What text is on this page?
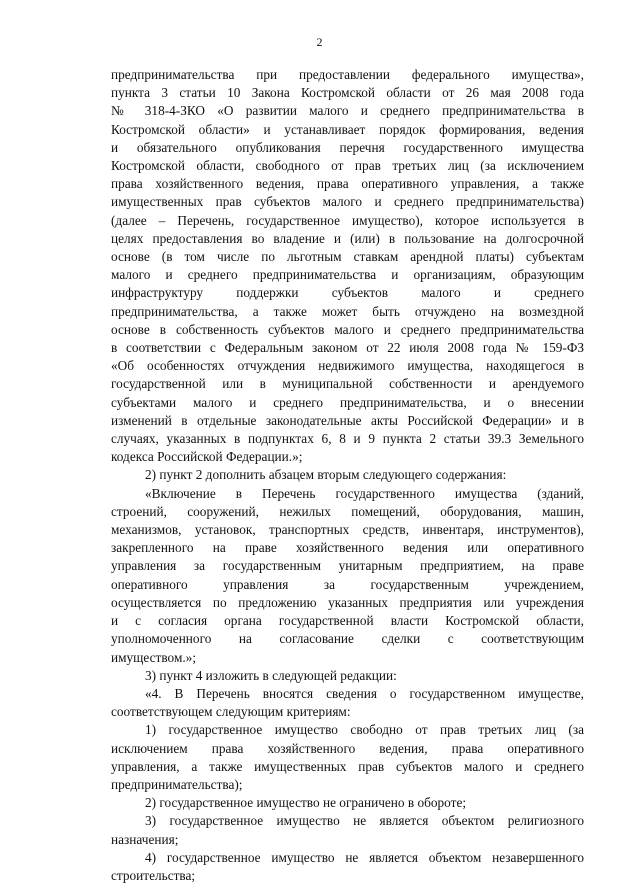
2
предпринимательства при предоставлении федерального имущества»,
пункта 3 статьи 10 Закона Костромской области от 26 мая 2008 года
№ 318-4-ЗКО «О развитии малого и среднего предпринимательства в
Костромской области» и устанавливает порядок формирования, ведения
и обязательного опубликования перечня государственного имущества
Костромской области, свободного от прав третьих лиц (за исключением
права хозяйственного ведения, права оперативного управления, а также
имущественных прав субъектов малого и среднего предпринимательства)
(далее – Перечень, государственное имущество), которое используется в
целях предоставления во владение и (или) в пользование на долгосрочной
основе (в том числе по льготным ставкам арендной платы) субъектам
малого и среднего предпринимательства и организациям, образующим
инфраструктуру поддержки субъектов малого и среднего
предпринимательства, а также может быть отчуждено на возмездной
основе в собственность субъектов малого и среднего предпринимательства
в соответствии с Федеральным законом от 22 июля 2008 года № 159-ФЗ
«Об особенностях отчуждения недвижимого имущества, находящегося в
государственной или в муниципальной собственности и арендуемого
субъектами малого и среднего предпринимательства, и о внесении
изменений в отдельные законодательные акты Российской Федерации» и в
случаях, указанных в подпунктах 6, 8 и 9 пункта 2 статьи 39.3 Земельного
кодекса Российской Федерации.»;
2) пункт 2 дополнить абзацем вторым следующего содержания:
«Включение в Перечень государственного имущества (зданий,
строений, сооружений, нежилых помещений, оборудования, машин,
механизмов, установок, транспортных средств, инвентаря, инструментов),
закрепленного на праве хозяйственного ведения или оперативного
управления за государственным унитарным предприятием, на праве
оперативного управления за государственным учреждением,
осуществляется по предложению указанных предприятия или учреждения
и с согласия органа государственной власти Костромской области,
уполномоченного на согласование сделки с соответствующим
имуществом.»;
3) пункт 4 изложить в следующей редакции:
«4. В Перечень вносятся сведения о государственном имуществе,
соответствующем следующим критериям:
1) государственное имущество свободно от прав третьих лиц (за
исключением права хозяйственного ведения, права оперативного
управления, а также имущественных прав субъектов малого и среднего
предпринимательства);
2) государственное имущество не ограничено в обороте;
3) государственное имущество не является объектом религиозного
назначения;
4) государственное имущество не является объектом незавершенного
строительства;
